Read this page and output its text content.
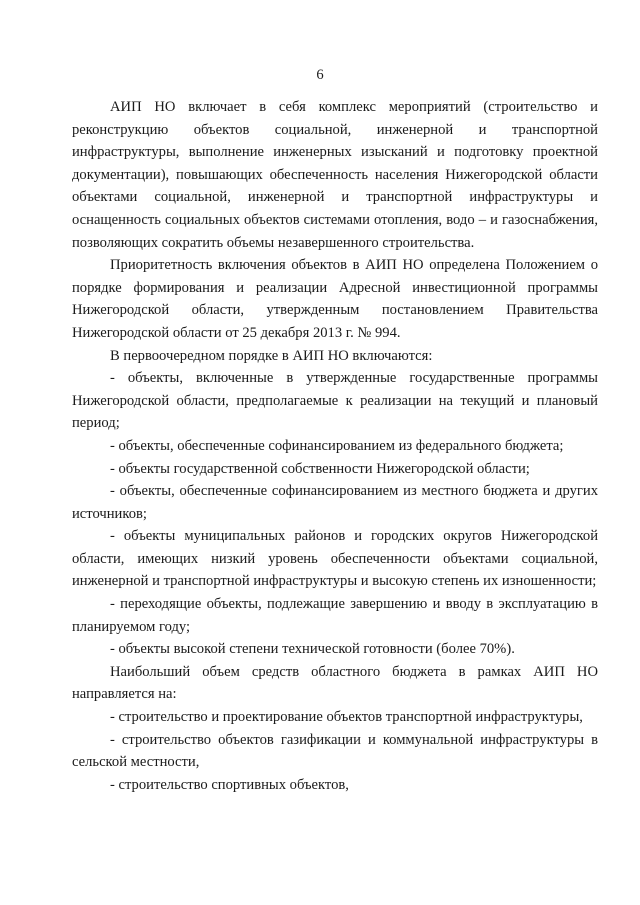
6

АИП НО включает в себя комплекс мероприятий (строительство и реконструкцию объектов социальной, инженерной и транспортной инфраструктуры, выполнение инженерных изысканий и подготовку проектной документации), повышающих обеспеченность населения Нижегородской области объектами социальной, инженерной и транспортной инфраструктуры и оснащенность социальных объектов системами отопления, водо – и газоснабжения, позволяющих сократить объемы незавершенного строительства.

Приоритетность включения объектов в АИП НО определена Положением о порядке формирования и реализации Адресной инвестиционной программы Нижегородской области, утвержденным постановлением Правительства Нижегородской области от 25 декабря 2013 г. № 994.

В первоочередном порядке в АИП НО включаются:

- объекты, включенные в утвержденные государственные программы Нижегородской области, предполагаемые к реализации на текущий и плановый период;

- объекты, обеспеченные софинансированием из федерального бюджета;

- объекты государственной собственности Нижегородской области;

- объекты, обеспеченные софинансированием из местного бюджета и других источников;

- объекты муниципальных районов и городских округов Нижегородской области, имеющих низкий уровень обеспеченности объектами социальной, инженерной и транспортной инфраструктуры и высокую степень их изношенности;

- переходящие объекты, подлежащие завершению и вводу в эксплуатацию в планируемом году;

- объекты высокой степени технической готовности (более 70%).

Наибольший объем средств областного бюджета в рамках АИП НО направляется на:

- строительство и проектирование объектов транспортной инфраструктуры,

- строительство объектов газификации и коммунальной инфраструктуры в сельской местности,

- строительство спортивных объектов,
